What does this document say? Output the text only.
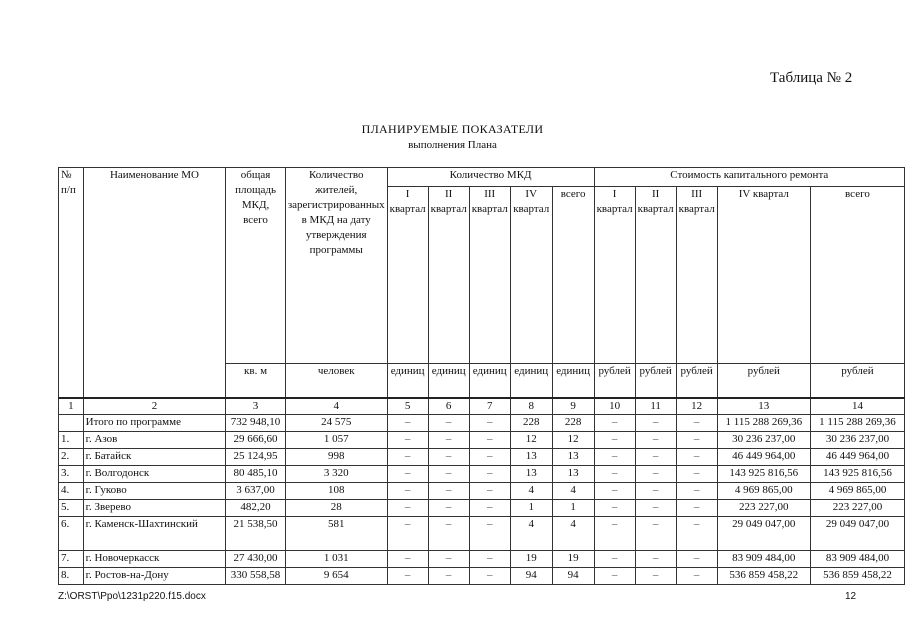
Таблица № 2
ПЛАНИРУЕМЫЕ ПОКАЗАТЕЛИ
выполнения Плана
№ п/п	Наименование МО	общая площадь МКД, всего	Количество жителей, зарегистрированных в МКД на дату утверждения программы	Количество МКД					Стоимость капитального ремонта				
				I квартал	II квартал	III квартал	IV квартал	всего	I квартал	II квартал	III квартал	IV квартал	всего
		кв. м	человек	единиц	единиц	единиц	единиц	единиц	рублей	рублей	рублей	рублей	рублей
1	2	3	4	5	6	7	8	9	10	11	12	13	14
	Итого по программе	732 948,10	24 575	–	–	–	228	228	–	–	–	1 115 288 269,36	1 115 288 269,36
1.	г. Азов	29 666,60	1 057	–	–	–	12	12	–	–	–	30 236 237,00	30 236 237,00
2.	г. Батайск	25 124,95	998	–	–	–	13	13	–	–	–	46 449 964,00	46 449 964,00
3.	г. Волгодонск	80 485,10	3 320	–	–	–	13	13	–	–	–	143 925 816,56	143 925 816,56
4.	г. Гуково	3 637,00	108	–	–	–	4	4	–	–	–	4 969 865,00	4 969 865,00
5.	г. Зверево	482,20	28	–	–	–	1	1	–	–	–	223 227,00	223 227,00
6.	г. Каменск-Шахтинский	21 538,50	581	–	–	–	4	4	–	–	–	29 049 047,00	29 049 047,00
7.	г. Новочеркасск	27 430,00	1 031	–	–	–	19	19	–	–	–	83 909 484,00	83 909 484,00
8.	г. Ростов-на-Дону	330 558,58	9 654	–	–	–	94	94	–	–	–	536 859 458,22	536 859 458,22
Z:\ORST\Ppo\1231p220.f15.docx	12
